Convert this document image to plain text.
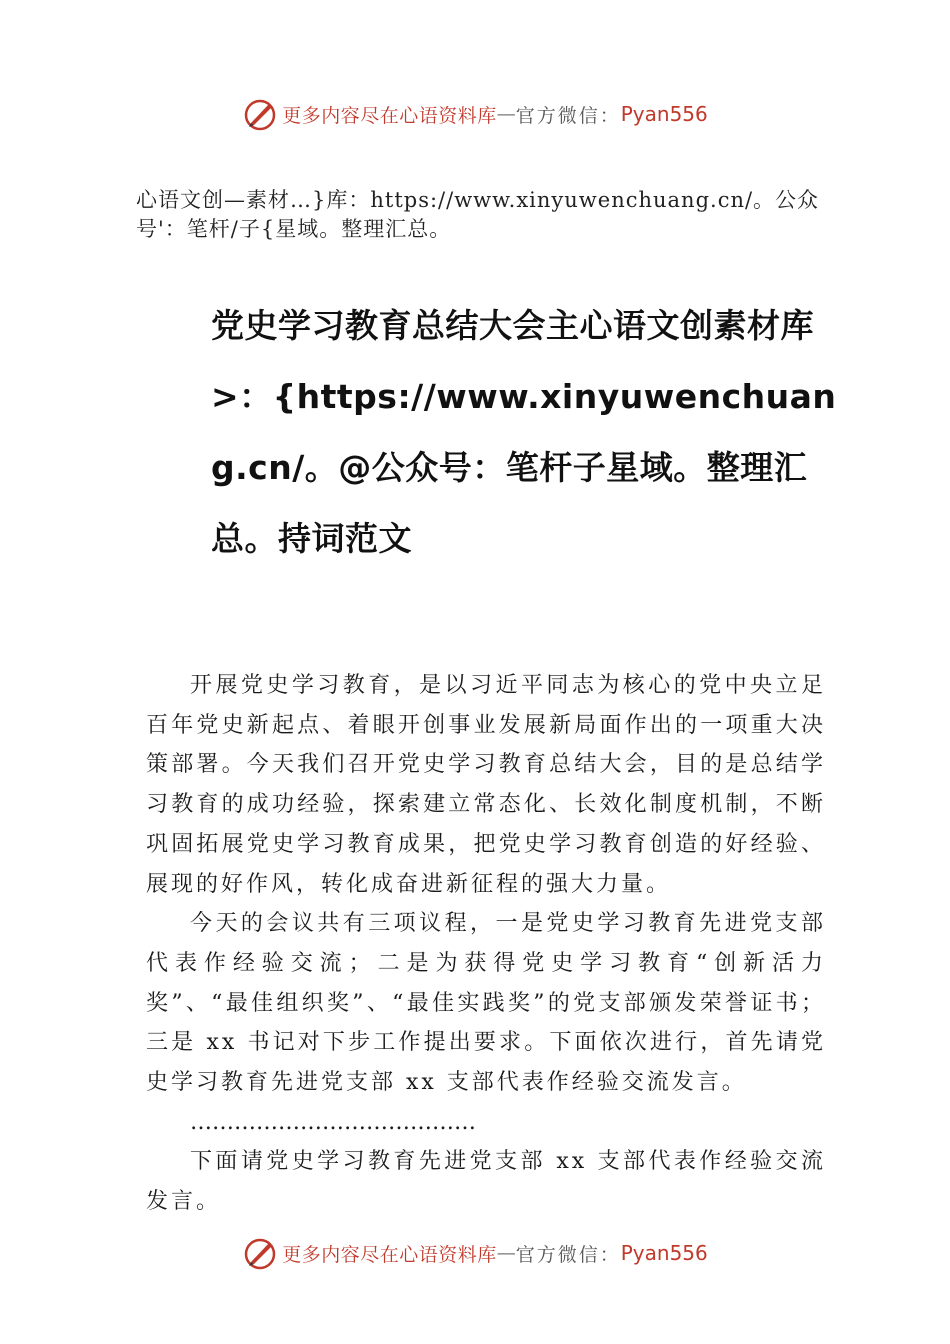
更多内容尽在心语资料库 — 官方微信： Pyan556
心语文创—素材…}库：https://www.xinyuwenchuang.cn/。公众号'：笔杆/子{星域。整理汇总。
党史学习教育总结大会主心语文创素材库>：{https://www.xinyuwenchuang.cn/。@公众号：笔杆子星域。整理汇总。持词范文

开展党史学习教育，是以习近平同志为核心的党中央立足百年党史新起点、着眼开创事业发展新局面作出的一项重大决策部署。今天我们召开党史学习教育总结大会，目的是总结学习教育的成功经验，探索建立常态化、长效化制度机制，不断巩固拓展党史学习教育成果，把党史学习教育创造的好经验、展现的好作风，转化成奋进新征程的强大力量。

今天的会议共有三项议程，一是党史学习教育先进党支部代表作经验交流；二是为获得党史学习教育“创新活力奖”、“最佳组织奖”、“最佳实践奖”的党支部颁发荣誉证书；三是 xx 书记对下步工作提出要求。下面依次进行，首先请党史学习教育先进党支部 xx 支部代表作经验交流发言。

…………………………………

下面请党史学习教育先进党支部 xx 支部代表作经验交流发言。

更多内容尽在心语资料库 — 官方微信： Pyan556
